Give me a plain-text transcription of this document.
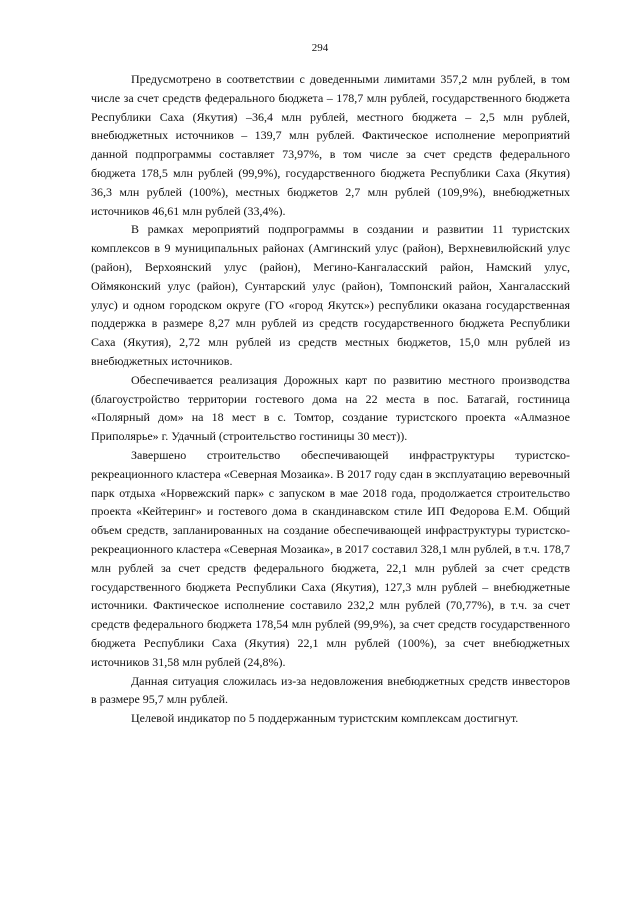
294

Предусмотрено в соответствии с доведенными лимитами 357,2 млн рублей, в том числе за счет средств федерального бюджета – 178,7 млн рублей, государственного бюджета Республики Саха (Якутия) –36,4 млн рублей, местного бюджета – 2,5 млн рублей, внебюджетных источников – 139,7 млн рублей. Фактическое исполнение мероприятий данной подпрограммы составляет 73,97%, в том числе за счет средств федерального бюджета 178,5 млн рублей (99,9%), государственного бюджета Республики Саха (Якутия) 36,3 млн рублей (100%), местных бюджетов 2,7 млн рублей (109,9%), внебюджетных источников 46,61 млн рублей (33,4%).

В рамках мероприятий подпрограммы в создании и развитии 11 туристских комплексов в 9 муниципальных районах (Амгинский улус (район), Верхневилюйский улус (район), Верхоянский улус (район), Мегино-Кангаласский район, Намский улус, Оймяконский улус (район), Сунтарский улус (район), Томпонский район, Хангаласский улус) и одном городском округе (ГО «город Якутск») республики оказана государственная поддержка в размере 8,27 млн рублей из средств государственного бюджета Республики Саха (Якутия), 2,72 млн рублей из средств местных бюджетов, 15,0 млн рублей из внебюджетных источников.

Обеспечивается реализация Дорожных карт по развитию местного производства (благоустройство территории гостевого дома на 22 места в пос. Батагай, гостиница «Полярный дом» на 18 мест в с. Томтор, создание туристского проекта «Алмазное Приполярье» г. Удачный (строительство гостиницы 30 мест)).

Завершено строительство обеспечивающей инфраструктуры туристско-рекреационного кластера «Северная Мозаика». В 2017 году сдан в эксплуатацию веревочный парк отдыха «Норвежский парк» с запуском в мае 2018 года, продолжается строительство проекта «Кейтеринг» и гостевого дома в скандинавском стиле ИП Федорова Е.М. Общий объем средств, запланированных на создание обеспечивающей инфраструктуры туристско-рекреационного кластера «Северная Мозаика», в 2017 составил 328,1 млн рублей, в т.ч. 178,7 млн рублей за счет средств федерального бюджета, 22,1 млн рублей за счет средств государственного бюджета Республики Саха (Якутия), 127,3 млн рублей – внебюджетные источники. Фактическое исполнение составило 232,2 млн рублей (70,77%), в т.ч. за счет средств федерального бюджета 178,54 млн рублей (99,9%), за счет средств государственного бюджета Республики Саха (Якутия) 22,1 млн рублей (100%), за счет внебюджетных источников 31,58 млн рублей (24,8%).

Данная ситуация сложилась из-за недовложения внебюджетных средств инвесторов в размере 95,7 млн рублей.

Целевой индикатор по 5 поддержанным туристским комплексам достигнут.
